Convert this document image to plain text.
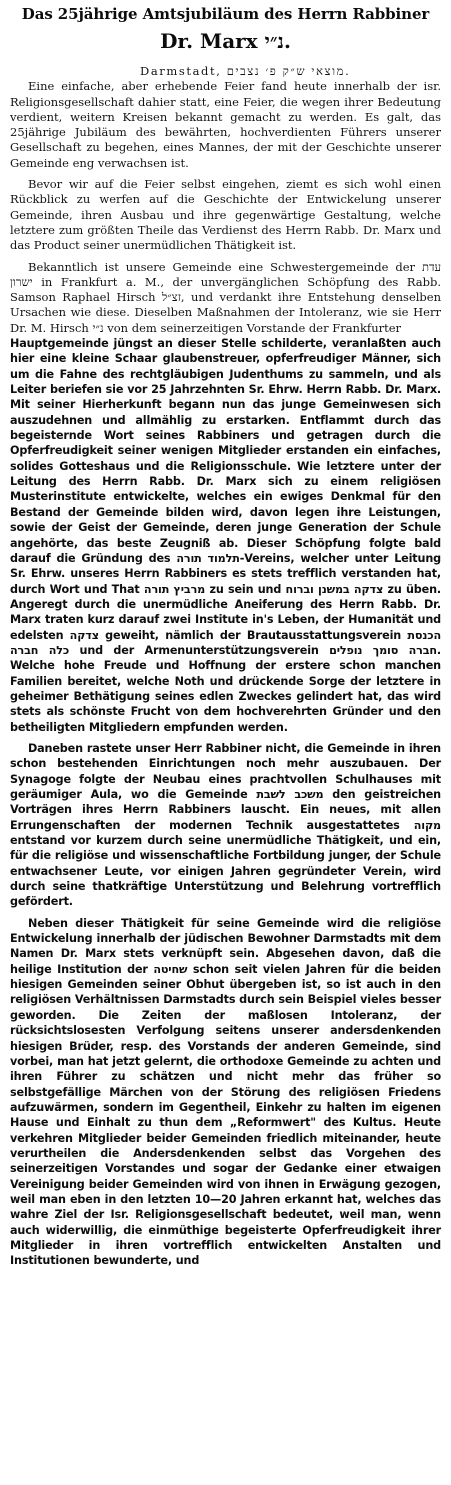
Das 25jährige Amtsjubiläum des Herrn Rabbiner

Dr. Marx נ״י.

Darmstadt, מוצאי ש״ק פ׳ נצבים.

Eine einfache, aber erhebende Feier fand heute innerhalb der isr. Religionsgesellschaft dahier statt, eine Feier, die wegen ihrer Bedeutung verdient, weitern Kreisen bekannt gemacht zu werden. Es galt, das 25jährige Jubiläum des bewährten, hochverdienten Führers unserer Gesellschaft zu begehen, eines Mannes, der mit der Geschichte unserer Gemeinde eng verwachsen ist.

Bevor wir auf die Feier selbst eingehen, ziemt es sich wohl einen Rückblick zu werfen auf die Geschichte der Entwickelung unserer Gemeinde, ihren Ausbau und ihre gegenwärtige Gestaltung, welche letztere zum größten Theile das Verdienst des Herrn Rabb. Dr. Marx und das Product seiner unermüdlichen Thätigkeit ist.

Bekanntlich ist unsere Gemeinde eine Schwestergemeinde der עדת ישרון in Frankfurt a. M., der unvergänglichen Schöpfung des Rabb. Samson Raphael Hirsch זצ״ל, und verdankt ihre Entstehung denselben Ursachen wie diese. Dieselben Maßnahmen der Intoleranz, wie sie Herr Dr. M. Hirsch נ״י von dem seinerzeitigen Vorstande der Frankfurter

Hauptgemeinde jüngst an dieser Stelle schilderte, veranlaßten auch hier eine kleine Schaar glaubenstreuer, opferfreudiger Männer, sich um die Fahne des rechtgläubigen Judenthums zu sammeln, und als Leiter beriefen sie vor 25 Jahrzehnten Sr. Ehrw. Herrn Rabb. Dr. Marx. Mit seiner Hierherkunft begann nun das junge Gemeinwesen sich auszudehnen und allmählig zu erstarken. Entflammt durch das begeisternde Wort seines Rabbiners und getragen durch die Opferfreudigkeit seiner wenigen Mitglieder erstanden ein einfaches, solides Gotteshaus und die Religionsschule. Wie letztere unter der Leitung des Herrn Rabb. Dr. Marx sich zu einem religiösen Musterinstitute entwickelte, welches ein ewiges Denkmal für den Bestand der Gemeinde bilden wird, davon legen ihre Leistungen, sowie der Geist der Gemeinde, deren junge Generation der Schule angehörte, das beste Zeugniß ab. Dieser Schöpfung folgte bald darauf die Gründung des תלמוד תורה-Vereins, welcher unter Leitung Sr. Ehrw. unseres Herrn Rabbiners es stets trefflich verstanden hat, durch Wort und That מרביץ תורה zu sein und צדקה במשנן וברוח zu üben. Angeregt durch die unermüdliche Aneiferung des Herrn Rabb. Dr. Marx traten kurz darauf zwei Institute in's Leben, der Humanität und edelsten צדקה geweiht, nämlich der Brautausstattungsverein הכנסת כלה חברה und der Armenunterstützungsverein חברה סומך נופלים. Welche hohe Freude und Hoffnung der erstere schon manchen Familien bereitet, welche Noth und drückende Sorge der letztere in geheimer Bethätigung seines edlen Zweckes gelindert hat, das wird stets als schönste Frucht von dem hochverehrten Gründer und den betheiligten Mitgliedern empfunden werden.

Daneben rastete unser Herr Rabbiner nicht, die Gemeinde in ihren schon bestehenden Einrichtungen noch mehr auszubauen. Der Synagoge folgte der Neubau eines prachtvollen Schulhauses mit geräumiger Aula, wo die Gemeinde משכב לשבת den geistreichen Vorträgen ihres Herrn Rabbiners lauscht. Ein neues, mit allen Errungenschaften der modernen Technik ausgestattetes מקוה entstand vor kurzem durch seine unermüdliche Thätigkeit, und ein, für die religiöse und wissenschaftliche Fortbildung junger, der Schule entwachsener Leute, vor einigen Jahren gegründeter Verein, wird durch seine thatkräftige Unterstützung und Belehrung vortrefflich gefördert.

Neben dieser Thätigkeit für seine Gemeinde wird die religiöse Entwickelung innerhalb der jüdischen Bewohner Darmstadts mit dem Namen Dr. Marx stets verknüpft sein. Abgesehen davon, daß die heilige Institution der שחיטה schon seit vielen Jahren für die beiden hiesigen Gemeinden seiner Obhut übergeben ist, so ist auch in den religiösen Verhältnissen Darmstadts durch sein Beispiel vieles besser geworden. Die Zeiten der maßlosen Intoleranz, der rücksichtslosesten Verfolgung seitens unserer andersdenkenden hiesigen Brüder, resp. des Vorstands der anderen Gemeinde, sind vorbei, man hat jetzt gelernt, die orthodoxe Gemeinde zu achten und ihren Führer zu schätzen und nicht mehr das früher so selbstgefällige Märchen von der Störung des religiösen Friedens aufzuwärmen, sondern im Gegentheil, Einkehr zu halten im eigenen Hause und Einhalt zu thun dem „Reformwert" des Kultus. Heute verkehren Mitglieder beider Gemeinden friedlich miteinander, heute verurtheilen die Andersdenkenden selbst das Vorgehen des seinerzeitigen Vorstandes und sogar der Gedanke einer etwaigen Vereinigung beider Gemeinden wird von ihnen in Erwägung gezogen, weil man eben in den letzten 10—20 Jahren erkannt hat, welches das wahre Ziel der Isr. Religionsgesellschaft bedeutet, weil man, wenn auch widerwillig, die einmüthige begeisterte Opferfreudigkeit ihrer Mitglieder in ihren vortrefflich entwickelten Anstalten und Institutionen bewunderte, und
